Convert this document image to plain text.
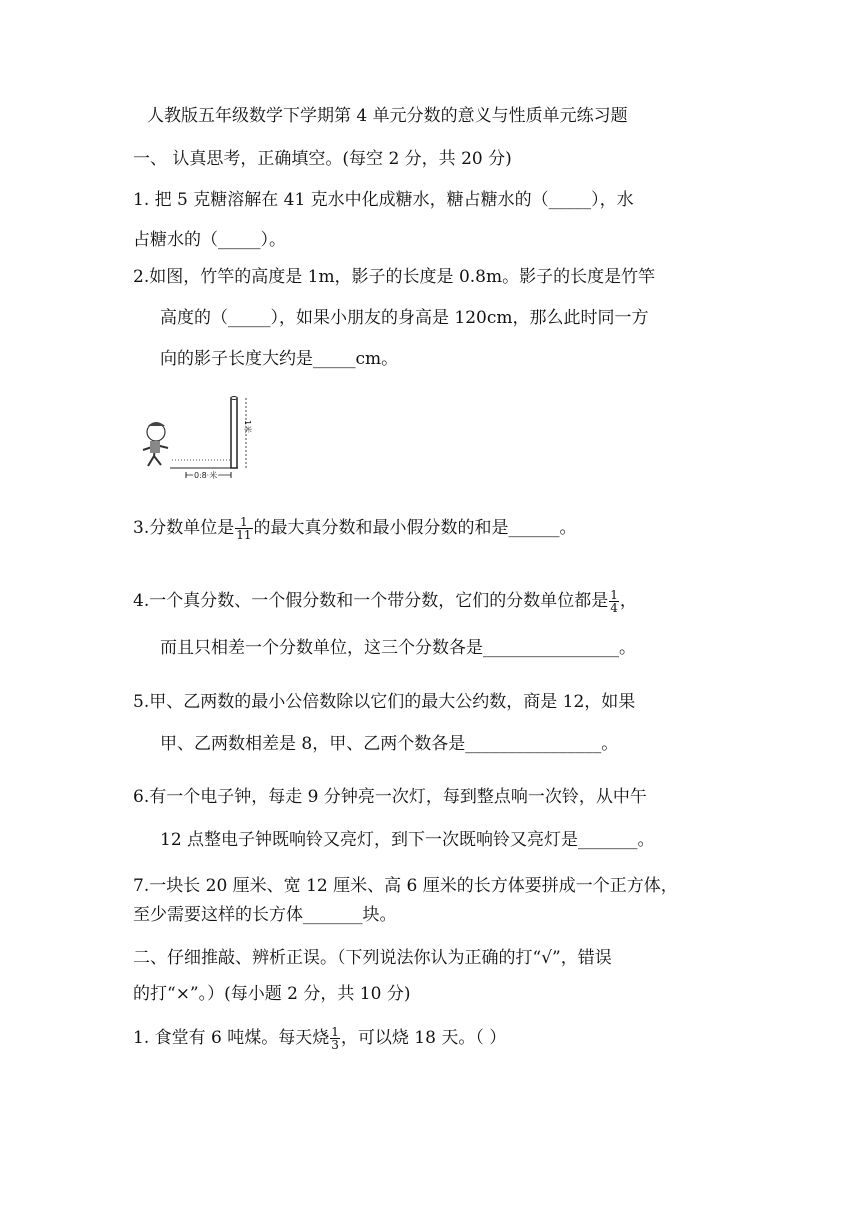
人教版五年级数学下学期第 4 单元分数的意义与性质单元练习题
一、 认真思考，正确填空。(每空 2 分，共 20 分)
1. 把 5 克糖溶解在 41 克水中化成糖水，糖占糖水的（_____），水
占糖水的（_____）。
2.如图，竹竿的高度是 1m，影子的长度是 0.8m。影子的长度是竹竿
高度的（_____），如果小朋友的身高是 120cm，那么此时同一方
向的影子长度大约是_____cm。
1米
0.8 米
3.分数单位是 $\frac{1}{11}$ 的最大真分数和最小假分数的和是______。
4.一个真分数、一个假分数和一个带分数，它们的分数单位都是 $\frac{1}{4}$ ，
而且只相差一个分数单位，这三个分数各是________________。
5.甲、乙两数的最小公倍数除以它们的最大公约数，商是 12，如果
甲、乙两数相差是 8，甲、乙两个数各是________________。
6.有一个电子钟，每走 9 分钟亮一次灯，每到整点响一次铃，从中午
12 点整电子钟既响铃又亮灯，到下一次既响铃又亮灯是_______。
7.一块长 20 厘米、宽 12 厘米、高 6 厘米的长方体要拼成一个正方体，
至少需要这样的长方体_______块。
二、仔细推敲、辨析正误。（下列说法你认为正确的打“√”，错误
的打“×”。）(每小题 2 分，共 10 分)
1. 食堂有 6 吨煤。每天烧 $\frac{1}{3}$ ，可以烧 18 天。（ ）
